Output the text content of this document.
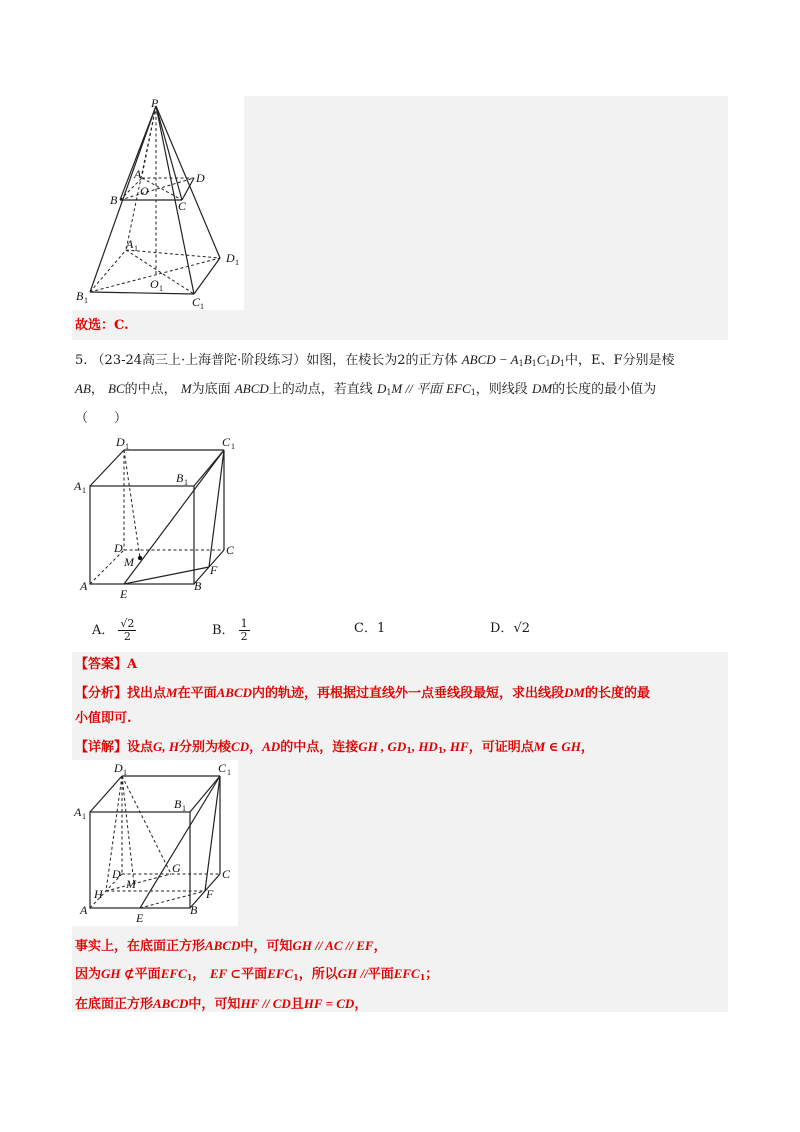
P
A
O
D
B	C
A 1
D 1
B 1
O 1
C 1
故选：C.
5. （23-24高三上·上海普陀·阶段练习）如图，在棱长为2的正方体 ABCD − $A_1B_1C_1D_1$中，E、F分别是棱
AB， BC的中点， M为底面 ABCD上的动点，若直线 $D_1M$ // 平面 $EFC_1$，则线段 DM的长度的最小值为
（　　）
D 1	C 1
A 1
B 1
D
M
C
F
A
E
B
A． $\frac{√2}{2}$	B． $\frac{1}{2}$	C．1	D．√2
【答案】A
【分析】找出点M在平面ABCD内的轨迹，再根据过直线外一点垂线段最短，求出线段DM的长度的最
小值即可.
【详解】设点G, H分别为棱CD，AD的中点，连接GH , $GD_1$, $HD_1$, HF，可证明点M ∈ GH，
D 1	C 1
A 1
B 1
D
M
G
H
C
F
A
E
B
事实上，在底面正方形ABCD中，可知GH // AC // EF，
因为GH ⊄平面$EFC_1$， EF ⊂平面$EFC_1$，所以GH //平面$EFC_1$；
在底面正方形ABCD中，可知HF // CD且HF = CD，
